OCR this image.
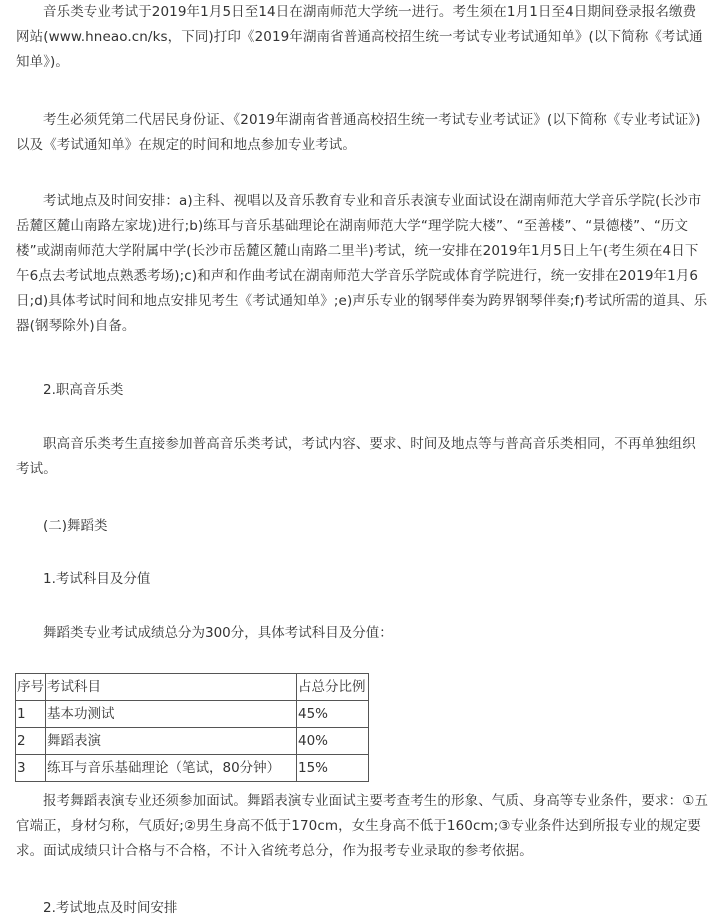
音乐类专业考试于2019年1月5日至14日在湖南师范大学统一进行。考生须在1月1日至4日期间登录报名缴费网站(www.hneao.cn/ks，下同)打印《2019年湖南省普通高校招生统一考试专业考试通知单》(以下简称《考试通知单》)。

考生必须凭第二代居民身份证、《2019年湖南省普通高校招生统一考试专业考试证》(以下简称《专业考试证》)以及《考试通知单》在规定的时间和地点参加专业考试。

考试地点及时间安排：a)主科、视唱以及音乐教育专业和音乐表演专业面试设在湖南师范大学音乐学院(长沙市岳麓区麓山南路左家垅)进行;b)练耳与音乐基础理论在湖南师范大学“理学院大楼”、“至善楼”、“景德楼”、“历文楼”或湖南师范大学附属中学(长沙市岳麓区麓山南路二里半)考试，统一安排在2019年1月5日上午(考生须在4日下午6点去考试地点熟悉考场);c)和声和作曲考试在湖南师范大学音乐学院或体育学院进行，统一安排在2019年1月6日;d)具体考试时间和地点安排见考生《考试通知单》;e)声乐专业的钢琴伴奏为跨界钢琴伴奏;f)考试所需的道具、乐器(钢琴除外)自备。

2.职高音乐类

职高音乐类考生直接参加普高音乐类考试，考试内容、要求、时间及地点等与普高音乐类相同，不再单独组织考试。

(二)舞蹈类

1.考试科目及分值

舞蹈类专业考试成绩总分为300分，具体考试科目及分值：

序号	考试科目	占总分比例
1	基本功测试	45%
2	舞蹈表演	40%
3	练耳与音乐基础理论（笔试，80分钟）	15%

报考舞蹈表演专业还须参加面试。舞蹈表演专业面试主要考查考生的形象、气质、身高等专业条件，要求：①五官端正，身材匀称，气质好;②男生身高不低于170cm，女生身高不低于160cm;③专业条件达到所报专业的规定要求。面试成绩只计合格与不合格，不计入省统考总分，作为报考专业录取的参考依据。

2.考试地点及时间安排
